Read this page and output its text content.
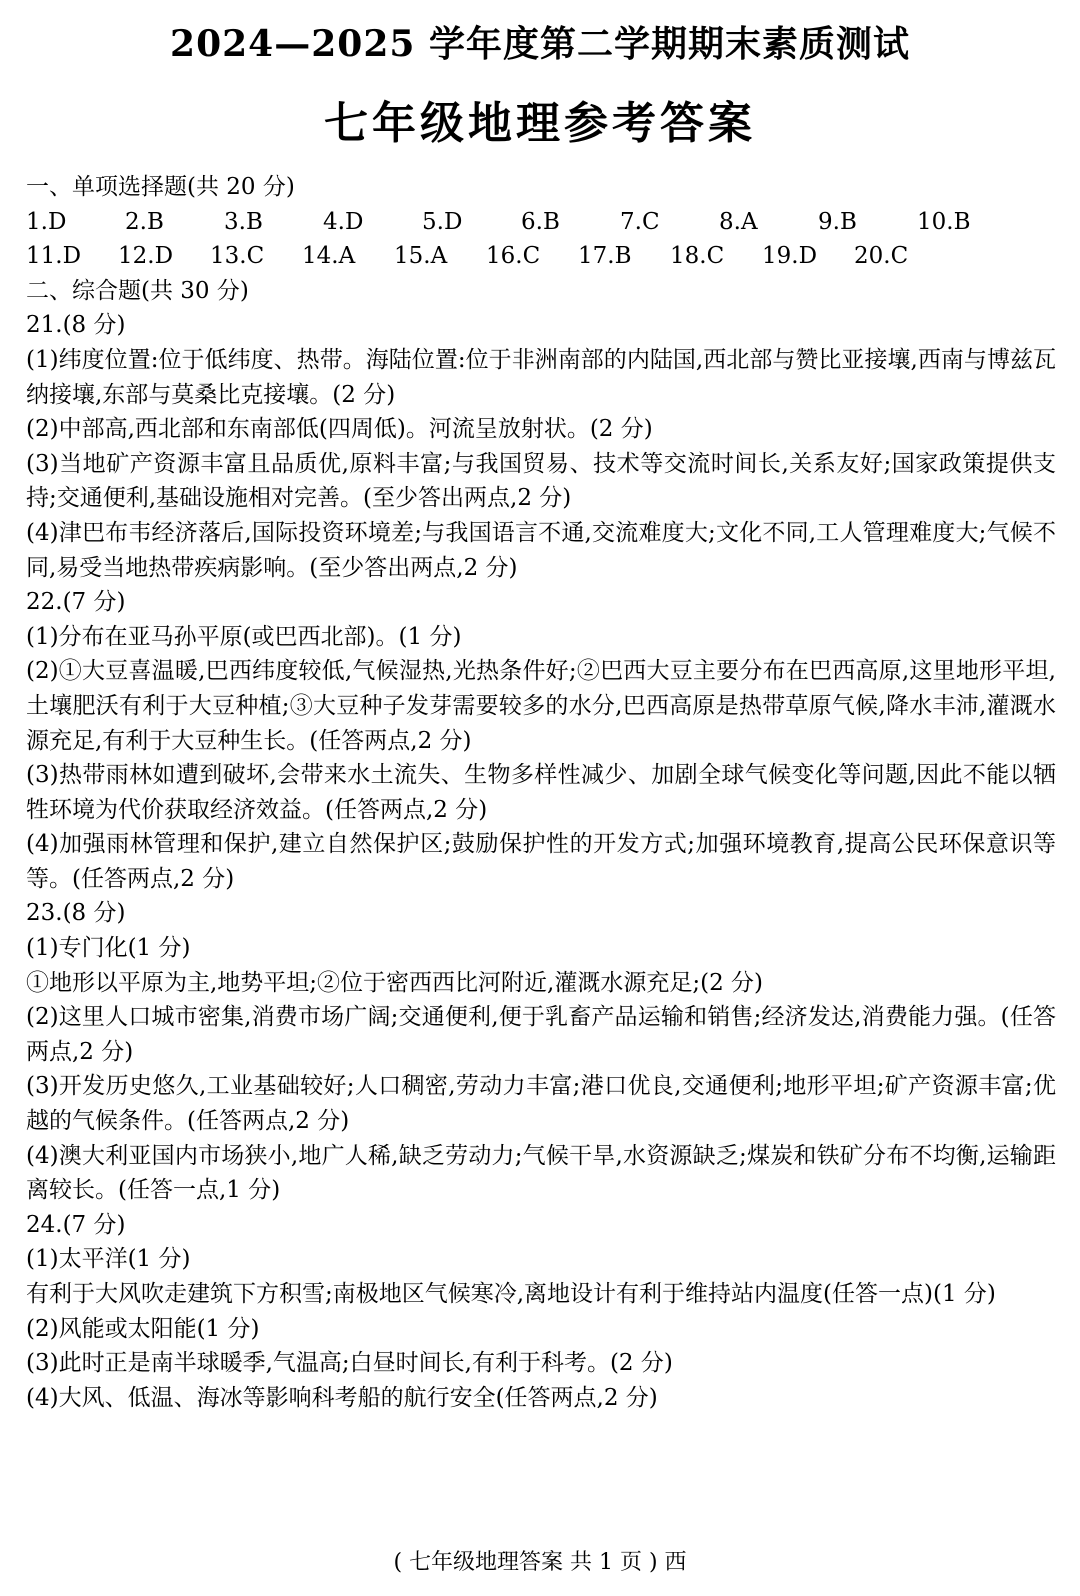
2024—2025 学年度第二学期期末素质测试
七年级地理参考答案
一、单项选择题(共 20 分)
1.D	2.B	3.B	4.D	5.D	6.B	7.C	8.A	9.B	10.B
11.D	12.D	13.C	14.A	15.A	16.C	17.B	18.C	19.D	20.C
二、综合题(共 30 分)
21.(8 分)
(1)纬度位置:位于低纬度、热带。海陆位置:位于非洲南部的内陆国,西北部与赞比亚接壤,西南与博兹瓦纳接壤,东部与莫桑比克接壤。(2 分)
(2)中部高,西北部和东南部低(四周低)。河流呈放射状。(2 分)
(3)当地矿产资源丰富且品质优,原料丰富;与我国贸易、技术等交流时间长,关系友好;国家政策提供支持;交通便利,基础设施相对完善。(至少答出两点,2 分)
(4)津巴布韦经济落后,国际投资环境差;与我国语言不通,交流难度大;文化不同,工人管理难度大;气候不同,易受当地热带疾病影响。(至少答出两点,2 分)
22.(7 分)
(1)分布在亚马孙平原(或巴西北部)。(1 分)
(2)①大豆喜温暖,巴西纬度较低,气候湿热,光热条件好;②巴西大豆主要分布在巴西高原,这里地形平坦,土壤肥沃有利于大豆种植;③大豆种子发芽需要较多的水分,巴西高原是热带草原气候,降水丰沛,灌溉水源充足,有利于大豆种生长。(任答两点,2 分)
(3)热带雨林如遭到破坏,会带来水土流失、生物多样性减少、加剧全球气候变化等问题,因此不能以牺牲环境为代价获取经济效益。(任答两点,2 分)
(4)加强雨林管理和保护,建立自然保护区;鼓励保护性的开发方式;加强环境教育,提高公民环保意识等等。(任答两点,2 分)
23.(8 分)
(1)专门化(1 分)
①地形以平原为主,地势平坦;②位于密西西比河附近,灌溉水源充足;(2 分)
(2)这里人口城市密集,消费市场广阔;交通便利,便于乳畜产品运输和销售;经济发达,消费能力强。(任答两点,2 分)
(3)开发历史悠久,工业基础较好;人口稠密,劳动力丰富;港口优良,交通便利;地形平坦;矿产资源丰富;优越的气候条件。(任答两点,2 分)
(4)澳大利亚国内市场狭小,地广人稀,缺乏劳动力;气候干旱,水资源缺乏;煤炭和铁矿分布不均衡,运输距离较长。(任答一点,1 分)
24.(7 分)
(1)太平洋(1 分)
有利于大风吹走建筑下方积雪;南极地区气候寒冷,离地设计有利于维持站内温度(任答一点)(1 分)
(2)风能或太阳能(1 分)
(3)此时正是南半球暖季,气温高;白昼时间长,有利于科考。(2 分)
(4)大风、低温、海冰等影响科考船的航行安全(任答两点,2 分)
( 七年级地理答案 共 1 页 ) 西
